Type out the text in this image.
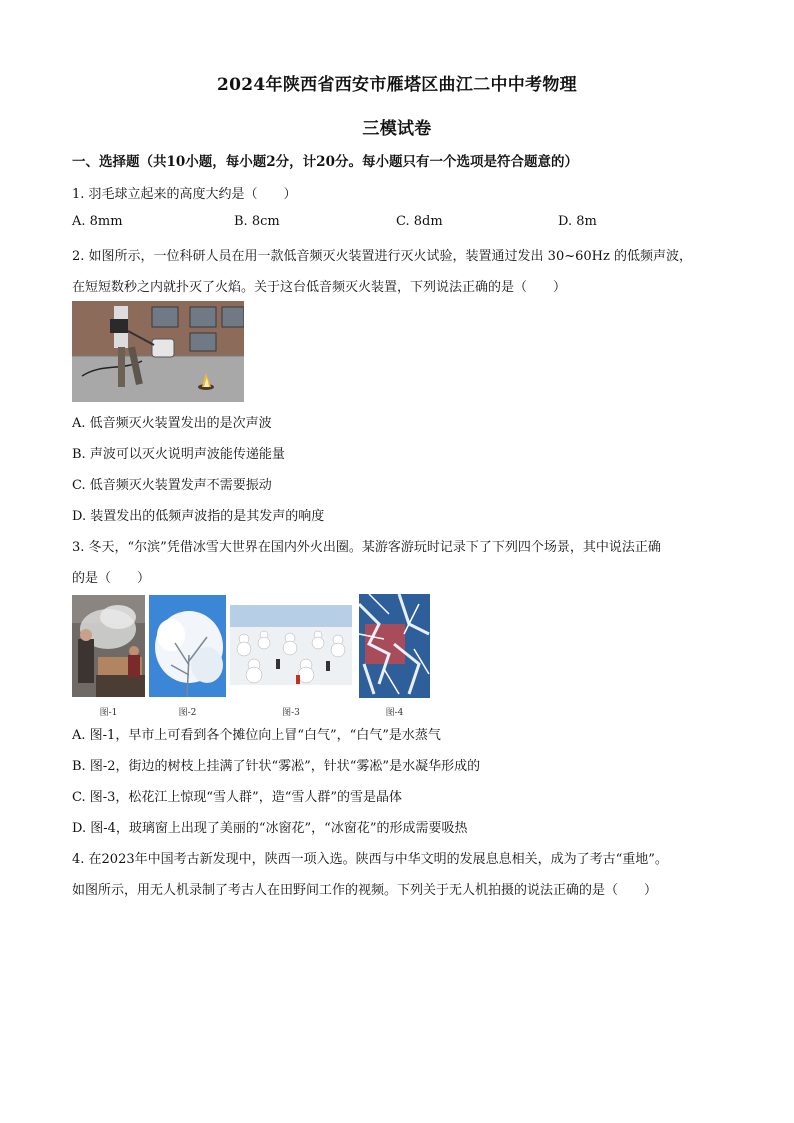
2024年陕西省西安市雁塔区曲江二中中考物理
三模试卷
一、选择题（共10小题，每小题2分，计20分。每小题只有一个选项是符合题意的）
1. 羽毛球立起来的高度大约是（　　）
A. 8mm	B. 8cm	C. 8dm	D. 8m
2. 如图所示，一位科研人员在用一款低音频灭火装置进行灭火试验，装置通过发出 30~60Hz 的低频声波，
在短短数秒之内就扑灭了火焰。关于这台低音频灭火装置，下列说法正确的是（　　）
A. 低音频灭火装置发出的是次声波
B. 声波可以灭火说明声波能传递能量
C. 低音频灭火装置发声不需要振动
D. 装置发出的低频声波指的是其发声的响度
3. 冬天，“尔滨”凭借冰雪大世界在国内外火出圈。某游客游玩时记录下了下列四个场景，其中说法正确
的是（　　）
图-1	图-2	图-3	图-4
A. 图-1，早市上可看到各个摊位向上冒“白气”，“白气”是水蒸气
B. 图-2，街边的树枝上挂满了针状“雾凇”，针状“雾凇”是水凝华形成的
C. 图-3，松花江上惊现“雪人群”，造“雪人群”的雪是晶体
D. 图-4，玻璃窗上出现了美丽的“冰窗花”，“冰窗花”的形成需要吸热
4. 在2023年中国考古新发现中，陕西一项入选。陕西与中华文明的发展息息相关，成为了考古“重地”。
如图所示，用无人机录制了考古人在田野间工作的视频。下列关于无人机拍摄的说法正确的是（　　）
